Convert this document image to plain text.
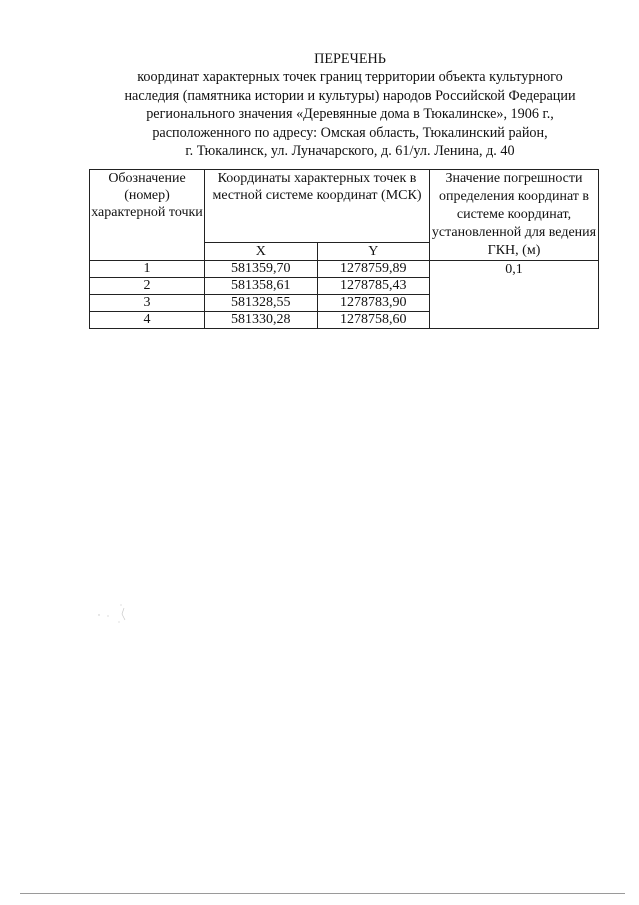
ПЕРЕЧЕНЬ
координат характерных точек границ территории объекта культурного
наследия (памятника истории и культуры) народов Российской Федерации
регионального значения «Деревянные дома в Тюкалинске», 1906 г.,
расположенного по адресу: Омская область, Тюкалинский район,
г. Тюкалинск, ул. Луначарского, д. 61/ул. Ленина, д. 40
Обозначение (номер) характерной точки	Координаты характерных точек в местной системе координат (МСК)		Значение погрешности определения координат в системе координат, установленной для ведения ГКН, (м)
	X	Y	
1	581359,70	1278759,89	0,1
2	581358,61	1278785,43	
3	581328,55	1278783,90	
4	581330,28	1278758,60	
